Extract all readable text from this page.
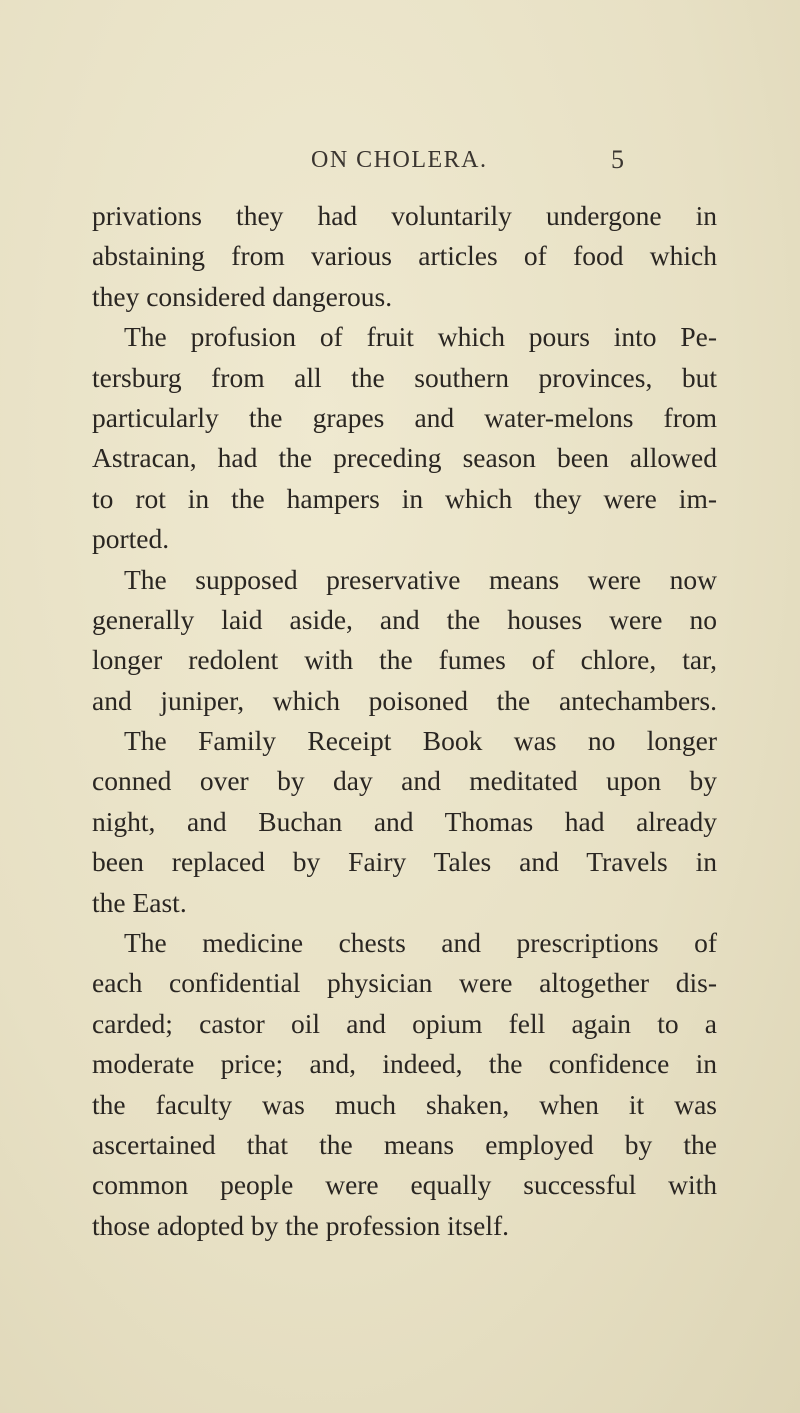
ON CHOLERA.	5
privations they had voluntarily undergone in
abstaining from various articles of food which
they considered dangerous.
The profusion of fruit which pours into Pe-
tersburg from all the southern provinces, but
particularly the grapes and water-melons from
Astracan, had the preceding season been allowed
to rot in the hampers in which they were im-
ported.
The supposed preservative means were now
generally laid aside, and the houses were no
longer redolent with the fumes of chlore, tar,
and juniper, which poisoned the antechambers.
The Family Receipt Book was no longer
conned over by day and meditated upon by
night, and Buchan and Thomas had already
been replaced by Fairy Tales and Travels in
the East.
The medicine chests and prescriptions of
each confidential physician were altogether dis-
carded; castor oil and opium fell again to a
moderate price; and, indeed, the confidence in
the faculty was much shaken, when it was
ascertained that the means employed by the
common people were equally successful with
those adopted by the profession itself.
